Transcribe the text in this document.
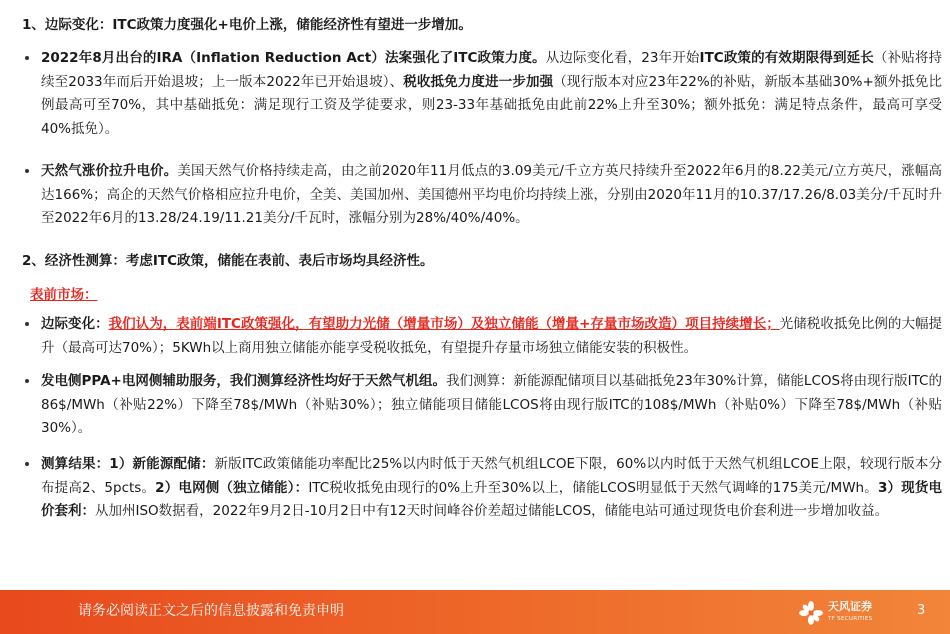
1、边际变化：ITC政策力度强化+电价上涨，储能经济性有望进一步增加。
2022年8月出台的IRA（Inflation Reduction Act）法案强化了ITC政策力度。从边际变化看，23年开始ITC政策的有效期限得到延长（补贴将持续至2033年而后开始退坡；上一版本2022年已开始退坡）、税收抵免力度进一步加强（现行版本对应23年22%的补贴，新版本基础30%+额外抵免比例最高可至70%，其中基础抵免：满足现行工资及学徒要求，则23-33年基础抵免由此前22%上升至30%；额外抵免：满足特点条件，最高可享受40%抵免）。
天然气涨价拉升电价。美国天然气价格持续走高，由之前2020年11月低点的3.09美元/千立方英尺持续升至2022年6月的8.22美元/立方英尺，涨幅高达166%；高企的天然气价格相应拉升电价，全美、美国加州、美国德州平均电价均持续上涨，分别由2020年11月的10.37/17.26/8.03美分/千瓦时升至2022年6月的13.28/24.19/11.21美分/千瓦时，涨幅分别为28%/40%/40%。
2、经济性测算：考虑ITC政策，储能在表前、表后市场均具经济性。
表前市场：
边际变化：我们认为，表前端ITC政策强化，有望助力光储（增量市场）及独立储能（增量+存量市场改造）项目持续增长；光储税收抵免比例的大幅提升（最高可达70%）；5KWh以上商用独立储能亦能享受税收抵免，有望提升存量市场独立储能安装的积极性。
发电侧PPA+电网侧辅助服务，我们测算经济性均好于天然气机组。我们测算：新能源配储项目以基础抵免23年30%计算，储能LCOS将由现行版ITC的86$/MWh（补贴22%）下降至78$/MWh（补贴30%）；独立储能项目储能LCOS将由现行版ITC的108$/MWh（补贴0%）下降至78$/MWh（补贴30%）。
测算结果：1）新能源配储：新版ITC政策储能功率配比25%以内时低于天然气机组LCOE下限，60%以内时低于天然气机组LCOE上限，较现行版本分布提高2、5pcts。2）电网侧（独立储能）：ITC税收抵免由现行的0%上升至30%以上，储能LCOS明显低于天然气调峰的175美元/MWh。3）现货电价套利：从加州ISO数据看，2022年9月2日-10月2日中有12天时间峰谷价差超过储能LCOS，储能电站可通过现货电价套利进一步增加收益。
请务必阅读正文之后的信息披露和免责申明	天风证券
TF SECURITIES
3
